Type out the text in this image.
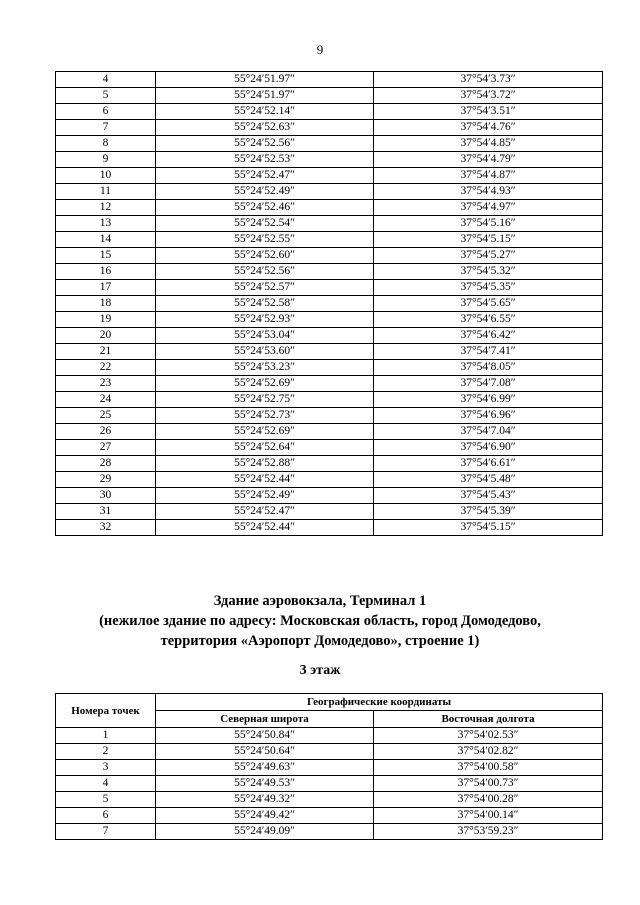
9
4	55°24′51.97″	37°54′3.73″
5	55°24′51.97″	37°54′3.72″
6	55°24′52.14″	37°54′3.51″
7	55°24′52.63″	37°54′4.76″
8	55°24′52.56″	37°54′4.85″
9	55°24′52.53″	37°54′4.79″
10	55°24′52.47″	37°54′4.87″
11	55°24′52.49″	37°54′4.93″
12	55°24′52.46″	37°54′4.97″
13	55°24′52.54″	37°54′5.16″
14	55°24′52.55″	37°54′5.15″
15	55°24′52.60″	37°54′5.27″
16	55°24′52.56″	37°54′5.32″
17	55°24′52.57″	37°54′5.35″
18	55°24′52.58″	37°54′5.65″
19	55°24′52.93″	37°54′6.55″
20	55°24′53.04″	37°54′6.42″
21	55°24′53.60″	37°54′7.41″
22	55°24′53.23″	37°54′8.05″
23	55°24′52.69″	37°54′7.08″
24	55°24′52.75″	37°54′6.99″
25	55°24′52.73″	37°54′6.96″
26	55°24′52.69″	37°54′7.04″
27	55°24′52.64″	37°54′6.90″
28	55°24′52.88″	37°54′6.61″
29	55°24′52.44″	37°54′5.48″
30	55°24′52.49″	37°54′5.43″
31	55°24′52.47″	37°54′5.39″
32	55°24′52.44″	37°54′5.15″
Здание аэровокзала, Терминал 1
(нежилое здание по адресу: Московская область, город Домодедово,
территория «Аэропорт Домодедово», строение 1)
3 этаж
Номера точек	Географические координаты	
	Северная широта	Восточная долгота
1	55°24′50.84″	37°54′02.53″
2	55°24′50.64″	37°54′02.82″
3	55°24′49.63″	37°54′00.58″
4	55°24′49.53″	37°54′00.73″
5	55°24′49.32″	37°54′00.28″
6	55°24′49.42″	37°54′00.14″
7	55°24′49.09″	37°53′59.23″
